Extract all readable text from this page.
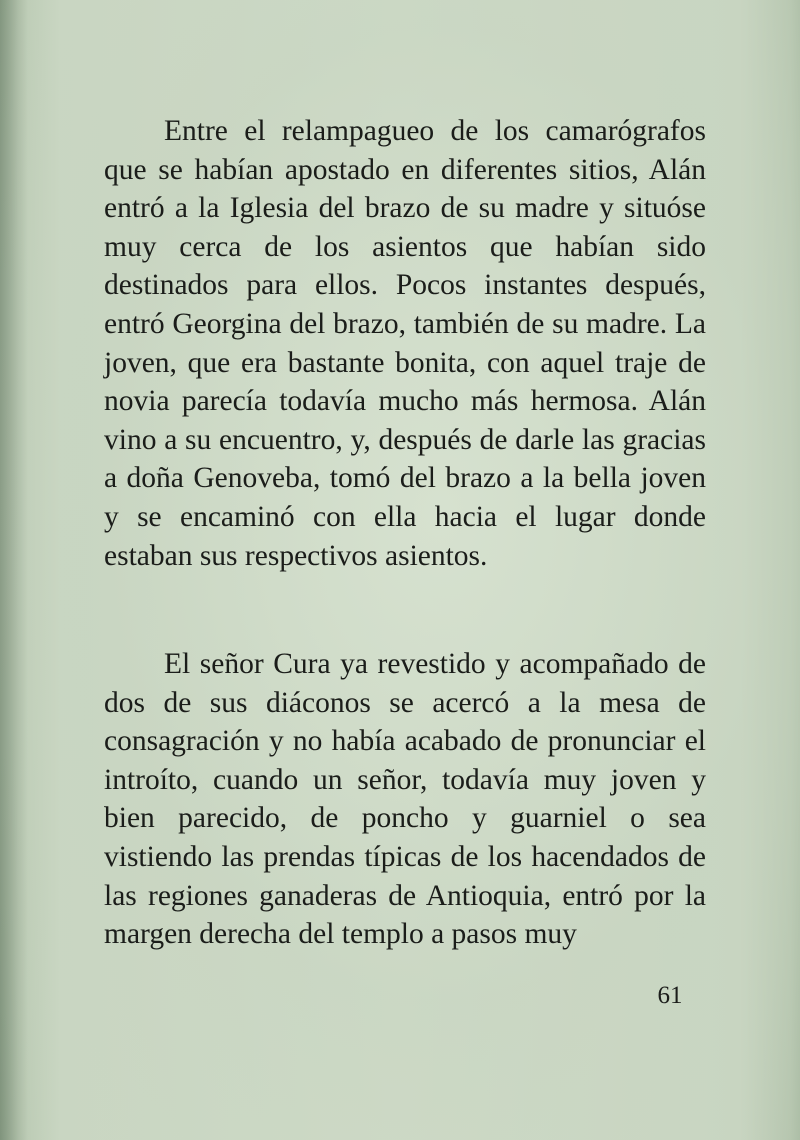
Entre el relampagueo de los camarógrafos que se habían apostado en diferentes sitios, Alán entró a la Iglesia del brazo de su madre y situóse muy cerca de los asientos que habían sido destinados para ellos. Pocos instantes después, entró Georgina del brazo, también de su madre. La joven, que era bastante bonita, con aquel traje de novia parecía todavía mucho más hermosa. Alán vino a su encuentro, y, después de darle las gracias a doña Genoveba, tomó del brazo a la bella joven y se encaminó con ella hacia el lugar donde estaban sus respectivos asientos.

El señor Cura ya revestido y acompañado de dos de sus diáconos se acercó a la mesa de consagración y no había acabado de pronunciar el introíto, cuando un señor, todavía muy joven y bien parecido, de poncho y guarniel o sea vistiendo las prendas típicas de los hacendados de las regiones ganaderas de Antioquia, entró por la margen derecha del templo a pasos muy

61
